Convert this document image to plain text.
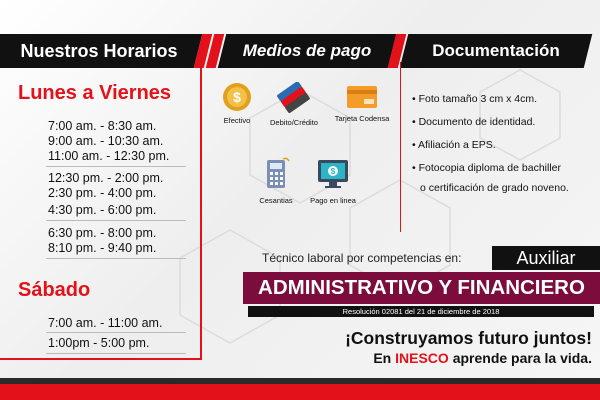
Nuestros
Horarios	Medios de
pago	Documentación
Lunes a Viernes
7:00 am. - 8:30 am.
9:00 am. - 10:30 am.
11:00 am. - 12:30 pm.
12:30 pm. - 2:00 pm.
2:30 pm. - 4:00 pm.
4:30 pm. - 6:00 pm.
6:30 pm. - 8:00 pm.
8:10 pm. - 9:40 pm.
Sábado
7:00 am. - 11:00 am.
1:00pm - 5:00 pm.
$
Efectivo	Debito/Crédito	Tarjeta Codensa
Cesantias
$
Pago en linea
• Foto tamaño 3 cm x 4cm.
• Documento de identidad.
• Afiliación a EPS.
• Fotocopia diploma de bachiller
o certificación de grado noveno.
Técnico laboral por competencias en:	Auxiliar
ADMINISTRATIVO Y FINANCIERO
Resolución 02081 del 21 de diciembre de 2018
¡Construyamos futuro juntos!
En INESCO aprende para la vida.
